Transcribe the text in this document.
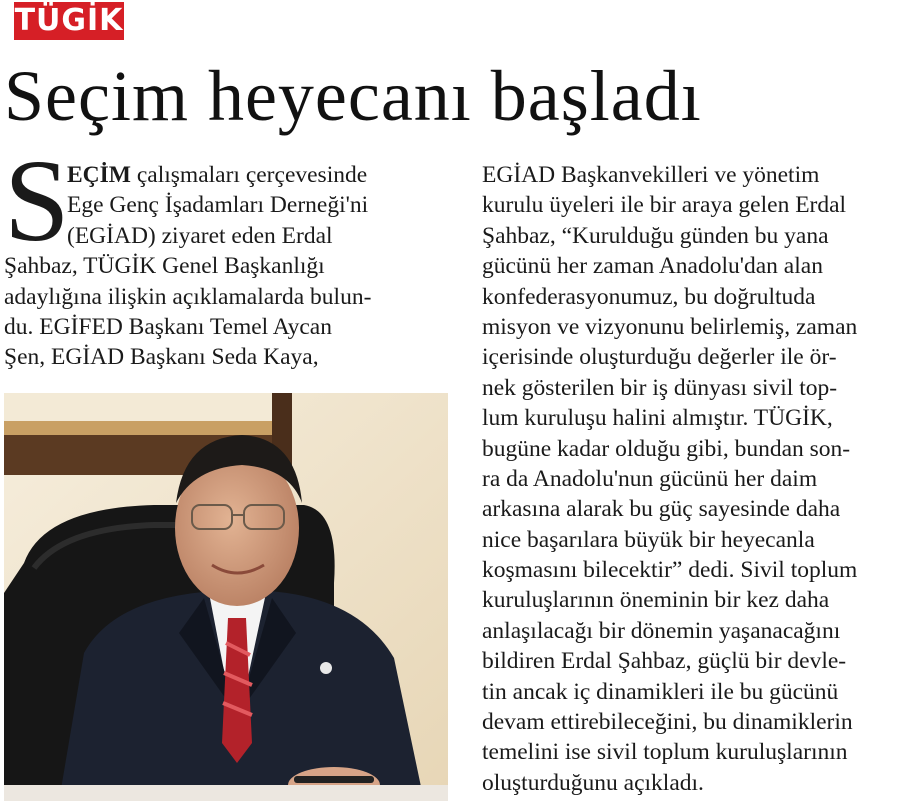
TÜGİK
Seçim heyecanı başladı
S
EÇİM çalışmaları çerçevesinde
Ege Genç İşadamları Derneği'ni
(EGİAD) ziyaret eden Erdal
Şahbaz, TÜGİK Genel Başkanlığı
adaylığına ilişkin açıklamalarda bulun-
du. EGİFED Başkanı Temel Aycan
Şen, EGİAD Başkanı Seda Kaya,
EGİAD Başkanvekilleri ve yönetim
kurulu üyeleri ile bir araya gelen Erdal
Şahbaz, “Kurulduğu günden bu yana
gücünü her zaman Anadolu'dan alan
konfederasyonumuz, bu doğrultuda
misyon ve vizyonunu belirlemiş, zaman
içerisinde oluşturduğu değerler ile ör-
nek gösterilen bir iş dünyası sivil top-
lum kuruluşu halini almıştır. TÜGİK,
bugüne kadar olduğu gibi, bundan son-
ra da Anadolu'nun gücünü her daim
arkasına alarak bu güç sayesinde daha
nice başarılara büyük bir heyecanla
koşmasını bilecektir” dedi. Sivil toplum
kuruluşlarının öneminin bir kez daha
anlaşılacağı bir dönemin yaşanacağını
bildiren Erdal Şahbaz, güçlü bir devle-
tin ancak iç dinamikleri ile bu gücünü
devam ettirebileceğini, bu dinamiklerin
temelini ise sivil toplum kuruluşlarının
oluşturduğunu açıkladı.
